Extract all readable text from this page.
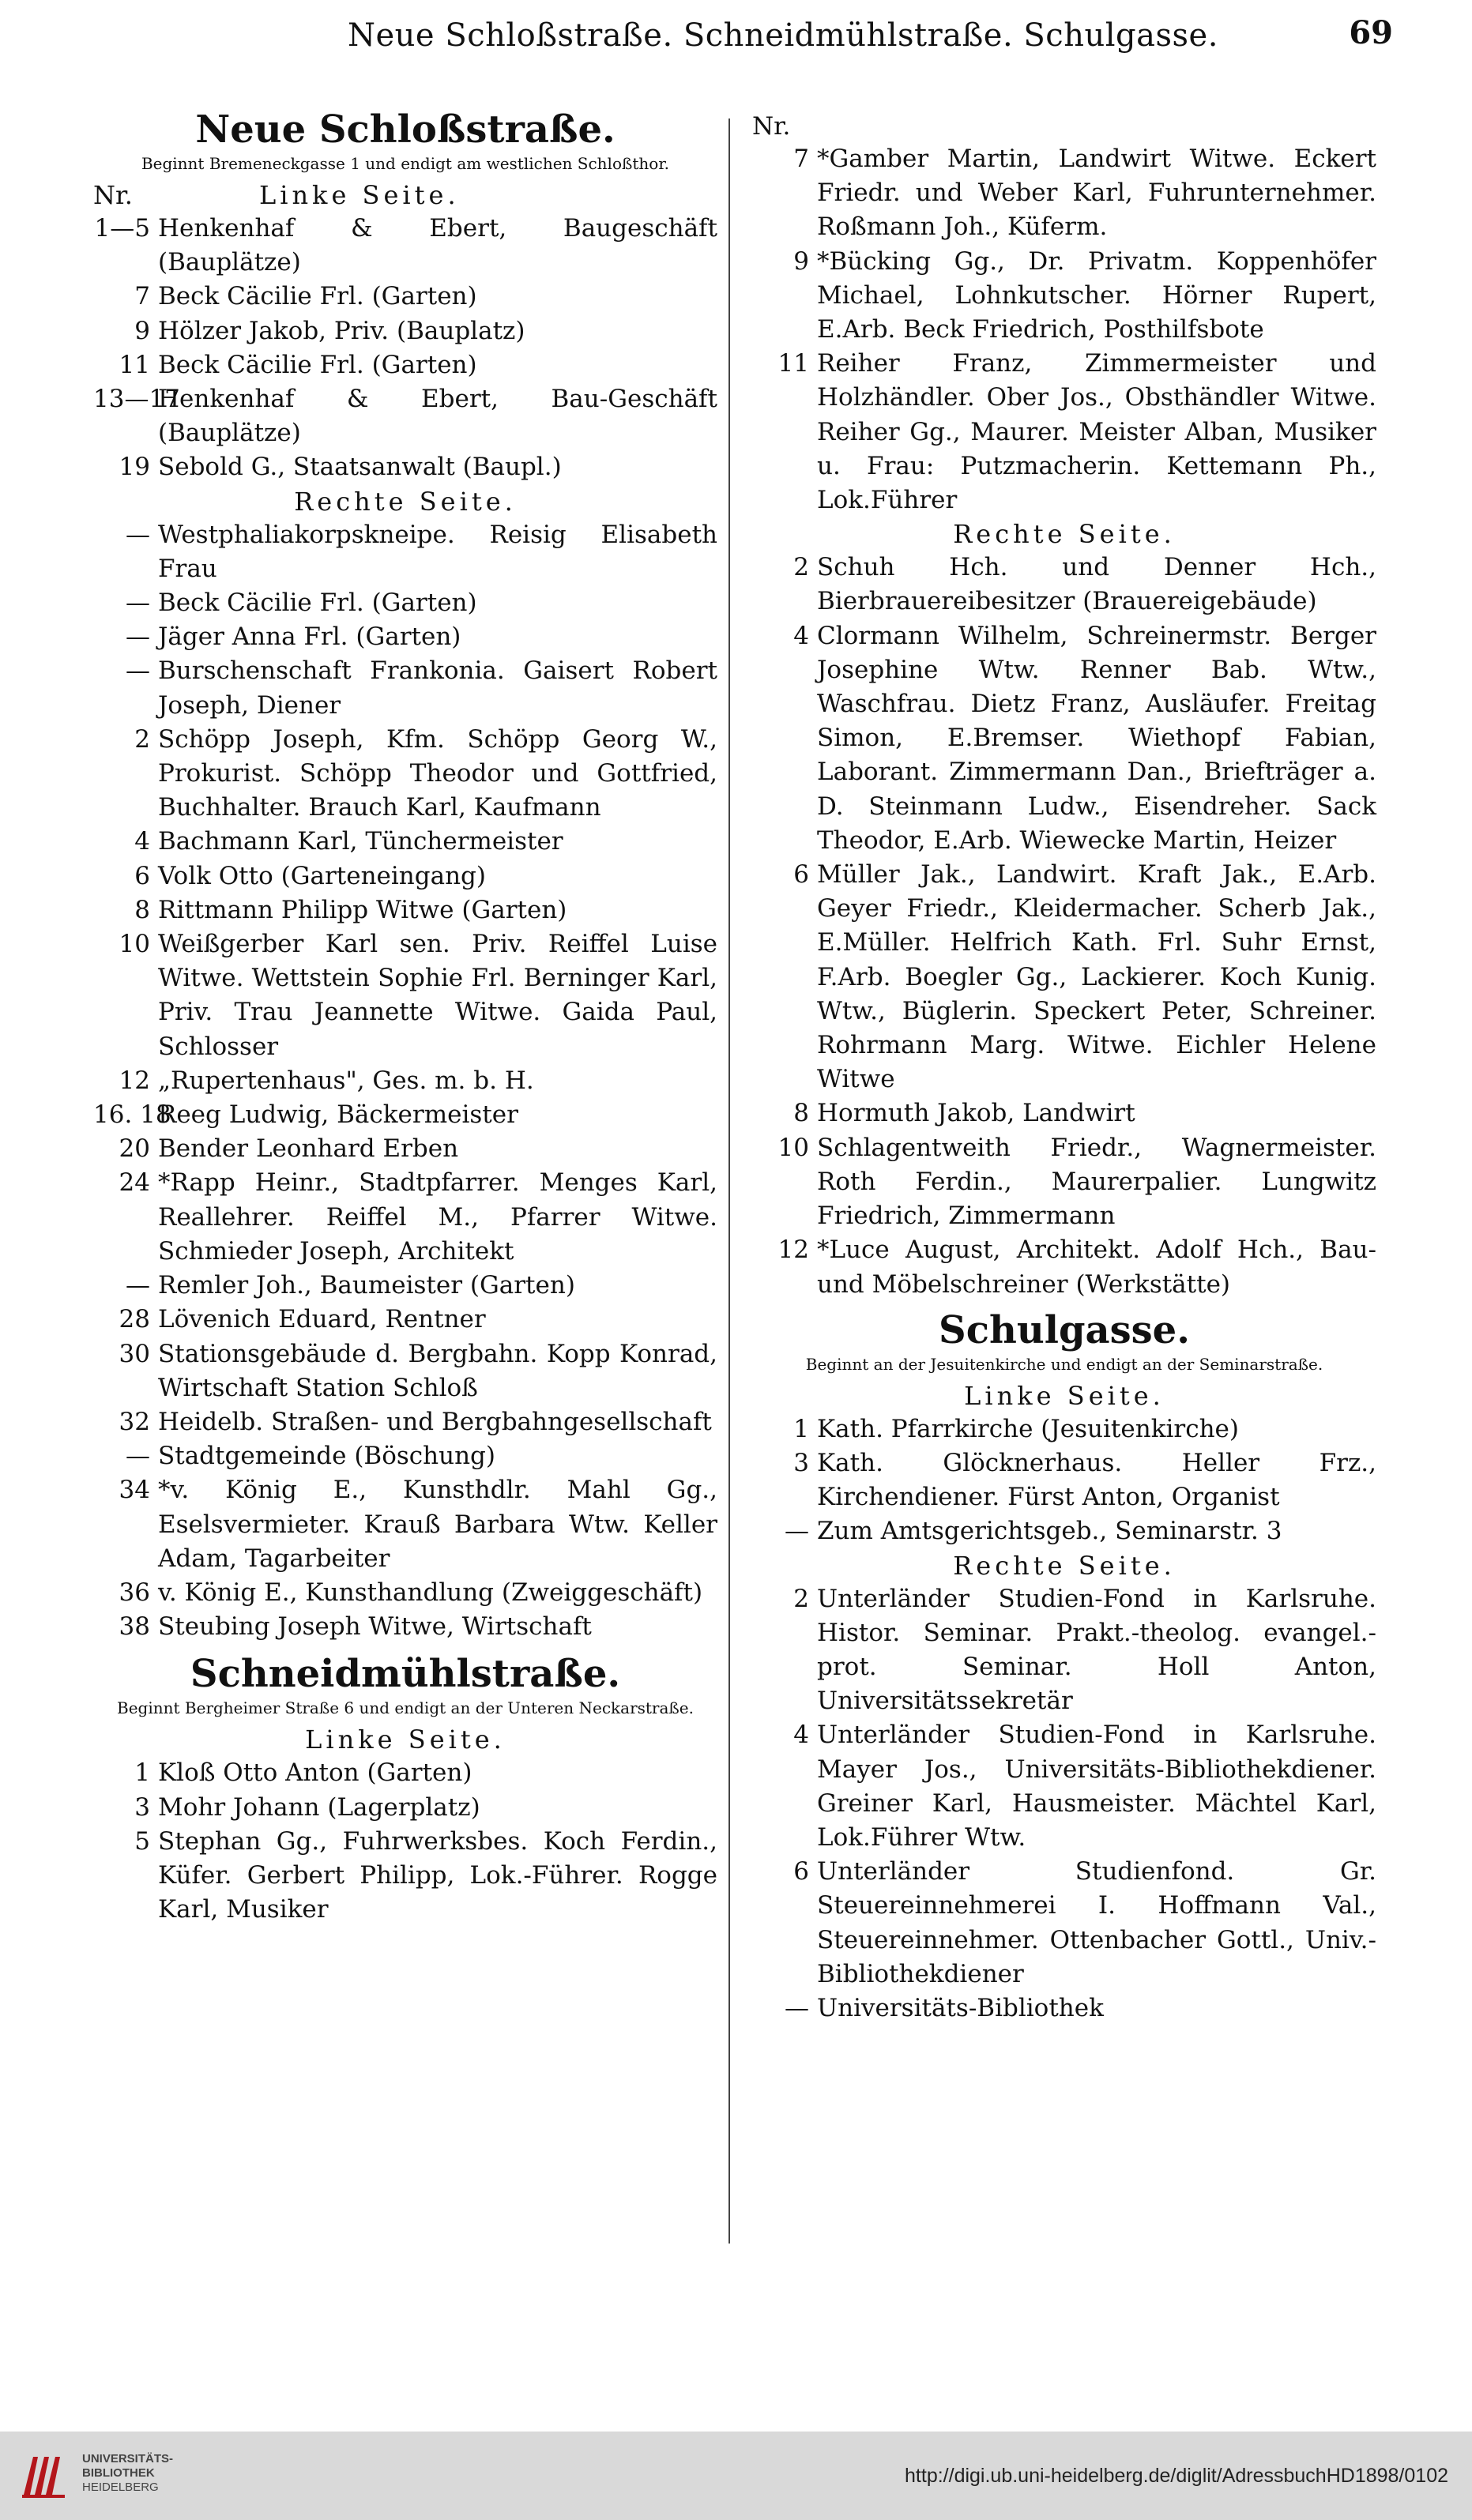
Neue Schloßstraße. Schneidmühlstraße. Schulgasse.	69
Neue Schloßstraße.
Beginnt Bremeneckgasse 1 und endigt am westlichen Schloßthor.
Nr.	Linke Seite.
1—5 Henkenhaf & Ebert, Baugeschäft (Bauplätze)
7 Beck Cäcilie Frl. (Garten)
9 Hölzer Jakob, Priv. (Bauplatz)
11 Beck Cäcilie Frl. (Garten)
13—17
Henkenhaf & Ebert, Bau-Geschäft (Bauplätze)
19 Sebold G., Staatsanwalt (Baupl.)
Rechte Seite.
— Westphaliakorpskneipe. Reisig Elisabeth Frau
— Beck Cäcilie Frl. (Garten)
— Jäger Anna Frl. (Garten)
— Burschenschaft Frankonia. Gaisert Robert Joseph, Diener
2 Schöpp Joseph, Kfm. Schöpp Georg W., Prokurist. Schöpp Theodor und Gottfried, Buchhalter. Brauch Karl, Kaufmann
4 Bachmann Karl, Tünchermeister
6 Volk Otto (Garteneingang)
8 Rittmann Philipp Witwe (Garten)
10 Weißgerber Karl sen. Priv. Reiffel Luise Witwe. Wettstein Sophie Frl. Berninger Karl, Priv. Trau Jeannette Witwe. Gaida Paul, Schlosser
12 „Rupertenhaus", Ges. m. b. H.
16. 18
Reeg Ludwig, Bäckermeister
20 Bender Leonhard Erben
24 *Rapp Heinr., Stadtpfarrer. Menges Karl, Reallehrer. Reiffel M., Pfarrer Witwe. Schmieder Joseph, Architekt
— Remler Joh., Baumeister (Garten)
28 Lövenich Eduard, Rentner
30 Stationsgebäude d. Bergbahn. Kopp Konrad, Wirtschaft Station Schloß
32 Heidelb. Straßen- und Bergbahngesellschaft
— Stadtgemeinde (Böschung)
34 *v. König E., Kunsthdlr. Mahl Gg., Eselsvermieter. Krauß Barbara Wtw. Keller Adam, Tagarbeiter
36 v. König E., Kunsthandlung (Zweiggeschäft)
38 Steubing Joseph Witwe, Wirtschaft
Schneidmühlstraße.
Beginnt Bergheimer Straße 6 und endigt an der Unteren Neckarstraße.
Linke Seite.
1 Kloß Otto Anton (Garten)
3 Mohr Johann (Lagerplatz)
5 Stephan Gg., Fuhrwerksbes. Koch Ferdin., Küfer. Gerbert Philipp, Lok.-Führer. Rogge Karl, Musiker
Nr.
7 *Gamber Martin, Landwirt Witwe. Eckert Friedr. und Weber Karl, Fuhrunternehmer. Roßmann Joh., Küferm.
9 *Bücking Gg., Dr. Privatm. Koppenhöfer Michael, Lohnkutscher. Hörner Rupert, E.Arb. Beck Friedrich, Posthilfsbote
11 Reiher Franz, Zimmermeister und Holzhändler. Ober Jos., Obsthändler Witwe. Reiher Gg., Maurer. Meister Alban, Musiker u. Frau: Putzmacherin. Kettemann Ph., Lok.Führer
Rechte Seite.
2 Schuh Hch. und Denner Hch., Bierbrauereibesitzer (Brauereigebäude)
4 Clormann Wilhelm, Schreinermstr. Berger Josephine Wtw. Renner Bab. Wtw., Waschfrau. Dietz Franz, Ausläufer. Freitag Simon, E.Bremser. Wiethopf Fabian, Laborant. Zimmermann Dan., Briefträger a. D. Steinmann Ludw., Eisendreher. Sack Theodor, E.Arb. Wiewecke Martin, Heizer
6 Müller Jak., Landwirt. Kraft Jak., E.Arb. Geyer Friedr., Kleidermacher. Scherb Jak., E.Müller. Helfrich Kath. Frl. Suhr Ernst, F.Arb. Boegler Gg., Lackierer. Koch Kunig. Wtw., Büglerin. Speckert Peter, Schreiner. Rohrmann Marg. Witwe. Eichler Helene Witwe
8 Hormuth Jakob, Landwirt
10 Schlagentweith Friedr., Wagnermeister. Roth Ferdin., Maurerpalier. Lungwitz Friedrich, Zimmermann
12 *Luce August, Architekt. Adolf Hch., Bau- und Möbelschreiner (Werkstätte)
Schulgasse.
Beginnt an der Jesuitenkirche und endigt an der Seminarstraße.
Linke Seite.
1 Kath. Pfarrkirche (Jesuitenkirche)
3 Kath. Glöcknerhaus. Heller Frz., Kirchendiener. Fürst Anton, Organist
— Zum Amtsgerichtsgeb., Seminarstr. 3
Rechte Seite.
2 Unterländer Studien-Fond in Karlsruhe. Histor. Seminar. Prakt.-theolog. evangel.-prot. Seminar. Holl Anton, Universitätssekretär
4 Unterländer Studien-Fond in Karlsruhe. Mayer Jos., Universitäts-Bibliothekdiener. Greiner Karl, Hausmeister. Mächtel Karl, Lok.Führer Wtw.
6 Unterländer Studienfond. Gr. Steuereinnehmerei I. Hoffmann Val., Steuereinnehmer. Ottenbacher Gottl., Univ.-Bibliothekdiener
— Universitäts-Bibliothek
UNIVERSITÄTS-
BIBLIOTHEK
HEIDELBERG
http://digi.ub.uni-heidelberg.de/diglit/AdressbuchHD1898/0102
